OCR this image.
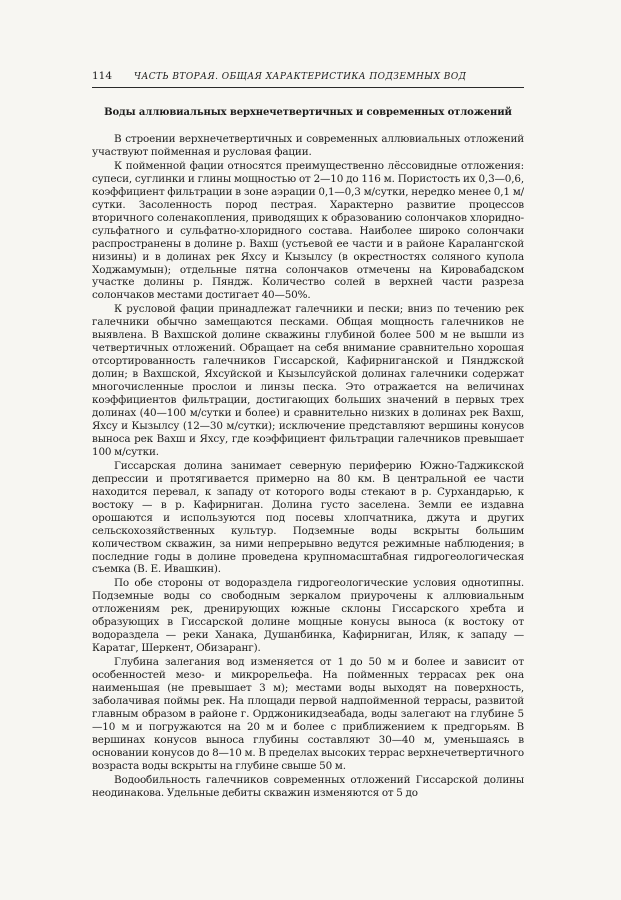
114 ЧАСТЬ ВТОРАЯ. ОБЩАЯ ХАРАКТЕРИСТИКА ПОДЗЕМНЫХ ВОД
Воды аллювиальных верхнечетвертичных и современных отложений

В строении верхнечетвертичных и современных аллювиальных отложений участвуют пойменная и русловая фации.

К пойменной фации относятся преимущественно лёссовидные отложения: супеси, суглинки и глины мощностью от 2—10 до 116 м. Пористость их 0,3—0,6, коэффициент фильтрации в зоне аэрации 0,1—0,3 м/сутки, нередко менее 0,1 м/сутки. Засоленность пород пестрая. Характерно развитие процессов вторичного соленакопления, приводящих к образованию солончаков хлоридно-сульфатного и сульфатно-хлоридного состава. Наиболее широко солончаки распространены в долине р. Вахш (устьевой ее части и в районе Каралангской низины) и в долинах рек Яхсу и Кызылсу (в окрестностях соляного купола Ходжамумын); отдельные пятна солончаков отмечены на Кировабадском участке долины р. Пяндж. Количество солей в верхней части разреза солончаков местами достигает 40—50%.

К русловой фации принадлежат галечники и пески; вниз по течению рек галечники обычно замещаются песками. Общая мощность галечников не выявлена. В Вахшской долине скважины глубиной более 500 м не вышли из четвертичных отложений. Обращает на себя внимание сравнительно хорошая отсортированность галечников Гиссарской, Кафирниганской и Пянджской долин; в Вахшской, Яхсуйской и Кызылсуйской долинах галечники содержат многочисленные прослои и линзы песка. Это отражается на величинах коэффициентов фильтрации, достигающих больших значений в первых трех долинах (40—100 м/сутки и более) и сравнительно низких в долинах рек Вахш, Яхсу и Кызылсу (12—30 м/сутки); исключение представляют вершины конусов выноса рек Вахш и Яхсу, где коэффициент фильтрации галечников превышает 100 м/сутки.

Гиссарская долина занимает северную периферию Южно-Таджикской депрессии и протягивается примерно на 80 км. В центральной ее части находится перевал, к западу от которого воды стекают в р. Сурхандарью, к востоку — в р. Кафирниган. Долина густо заселена. Земли ее издавна орошаются и используются под посевы хлопчатника, джута и других сельскохозяйственных культур. Подземные воды вскрыты большим количеством скважин, за ними непрерывно ведутся режимные наблюдения; в последние годы в долине проведена крупномасштабная гидрогеологическая съемка (В. Е. Ивашкин).

По обе стороны от водораздела гидрогеологические условия однотипны. Подземные воды со свободным зеркалом приурочены к аллювиальным отложениям рек, дренирующих южные склоны Гиссарского хребта и образующих в Гиссарской долине мощные конусы выноса (к востоку от водораздела — реки Ханака, Душанбинка, Кафирниган, Иляк, к западу — Каратаг, Шеркент, Обизаранг).

Глубина залегания вод изменяется от 1 до 50 м и более и зависит от особенностей мезо- и микрорельефа. На пойменных террасах рек она наименьшая (не превышает 3 м); местами воды выходят на поверхность, заболачивая поймы рек. На площади первой надпойменной террасы, развитой главным образом в районе г. Орджоникидзеабада, воды залегают на глубине 5—10 м и погружаются на 20 м и более с приближением к предгорьям. В вершинах конусов выноса глубины составляют 30—40 м, уменьшаясь в основании конусов до 8—10 м. В пределах высоких террас верхнечетвертичного возраста воды вскрыты на глубине свыше 50 м.

Водообильность галечников современных отложений Гиссарской долины неодинакова. Удельные дебиты скважин изменяются от 5 до
